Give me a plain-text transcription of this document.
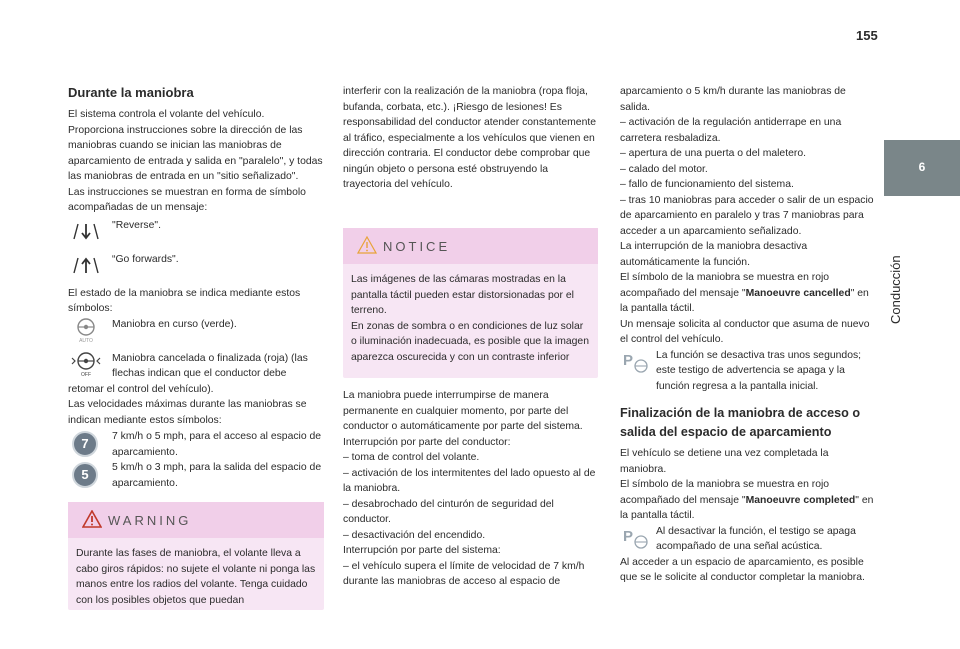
155
6
Conducción
Durante la maniobra

El sistema controla el volante del vehículo.

Proporciona instrucciones sobre la dirección de las maniobras cuando se inician las maniobras de aparcamiento de entrada y salida en "paralelo", y todas las maniobras de entrada en un "sitio señalizado".

Las instrucciones se muestran en forma de símbolo acompañadas de un mensaje:

"Reverse".
“Go forwards".

El estado de la maniobra se indica mediante estos símbolos:

AUTO
Maniobra en curso (verde).
OFF
Maniobra cancelada o finalizada (roja) (las flechas indican que el conductor debe

retomar el control del vehículo).

Las velocidades máximas durante las maniobras se indican mediante estos símbolos:

7	7 km/h o 5 mph, para el acceso al espacio de aparcamiento.
5	5 km/h o 3 mph, para la salida del espacio de aparcamiento.
WARNING
Durante las fases de maniobra, el volante lleva a cabo giros rápidos: no sujete el volante ni ponga las manos entre los radios del volante. Tenga cuidado con los posibles objetos que puedan

interferir con la realización de la maniobra (ropa floja, bufanda, corbata, etc.). ¡Riesgo de lesiones! Es responsabilidad del conductor atender constantemente al tráfico, especialmente a los vehículos que vienen en dirección contraria. El conductor debe comprobar que ningún objeto o persona esté obstruyendo la trayectoria del vehículo.

NOTICE

Las imágenes de las cámaras mostradas en la pantalla táctil pueden estar distorsionadas por el terreno.

En zonas de sombra o en condiciones de luz solar o iluminación inadecuada, es posible que la imagen aparezca oscurecida y con un contraste inferior

La maniobra puede interrumpirse de manera permanente en cualquier momento, por parte del conductor o automáticamente por parte del sistema.

Interrupción por parte del conductor:

– toma de control del volante.

– activación de los intermitentes del lado opuesto al de la maniobra.

– desabrochado del cinturón de seguridad del conductor.

– desactivación del encendido.

Interrupción por parte del sistema:

– el vehículo supera el límite de velocidad de 7 km/h durante las maniobras de acceso al espacio de

aparcamiento o 5 km/h durante las maniobras de salida.

– activación de la regulación antiderrape en una carretera resbaladiza.

– apertura de una puerta o del maletero.

– calado del motor.

– fallo de funcionamiento del sistema.

– tras 10 maniobras para acceder o salir de un espacio de aparcamiento en paralelo y tras 7 maniobras para acceder a un aparcamiento señalizado.

La interrupción de la maniobra desactiva automáticamente la función.

El símbolo de la maniobra se muestra en rojo acompañado del mensaje "Manoeuvre cancelled" en la pantalla táctil.

Un mensaje solicita al conductor que asuma de nuevo el control del vehículo.

P La función se desactiva tras unos segundos; este testigo de advertencia se apaga y la función regresa a la pantalla inicial.
Finalización de la maniobra de acceso o salida del espacio de aparcamiento

El vehículo se detiene una vez completada la maniobra.

El símbolo de la maniobra se muestra en rojo acompañado del mensaje "Manoeuvre completed" en la pantalla táctil.

P Al desactivar la función, el testigo se apaga acompañado de una señal acústica.

Al acceder a un espacio de aparcamiento, es posible que se le solicite al conductor completar la maniobra.
